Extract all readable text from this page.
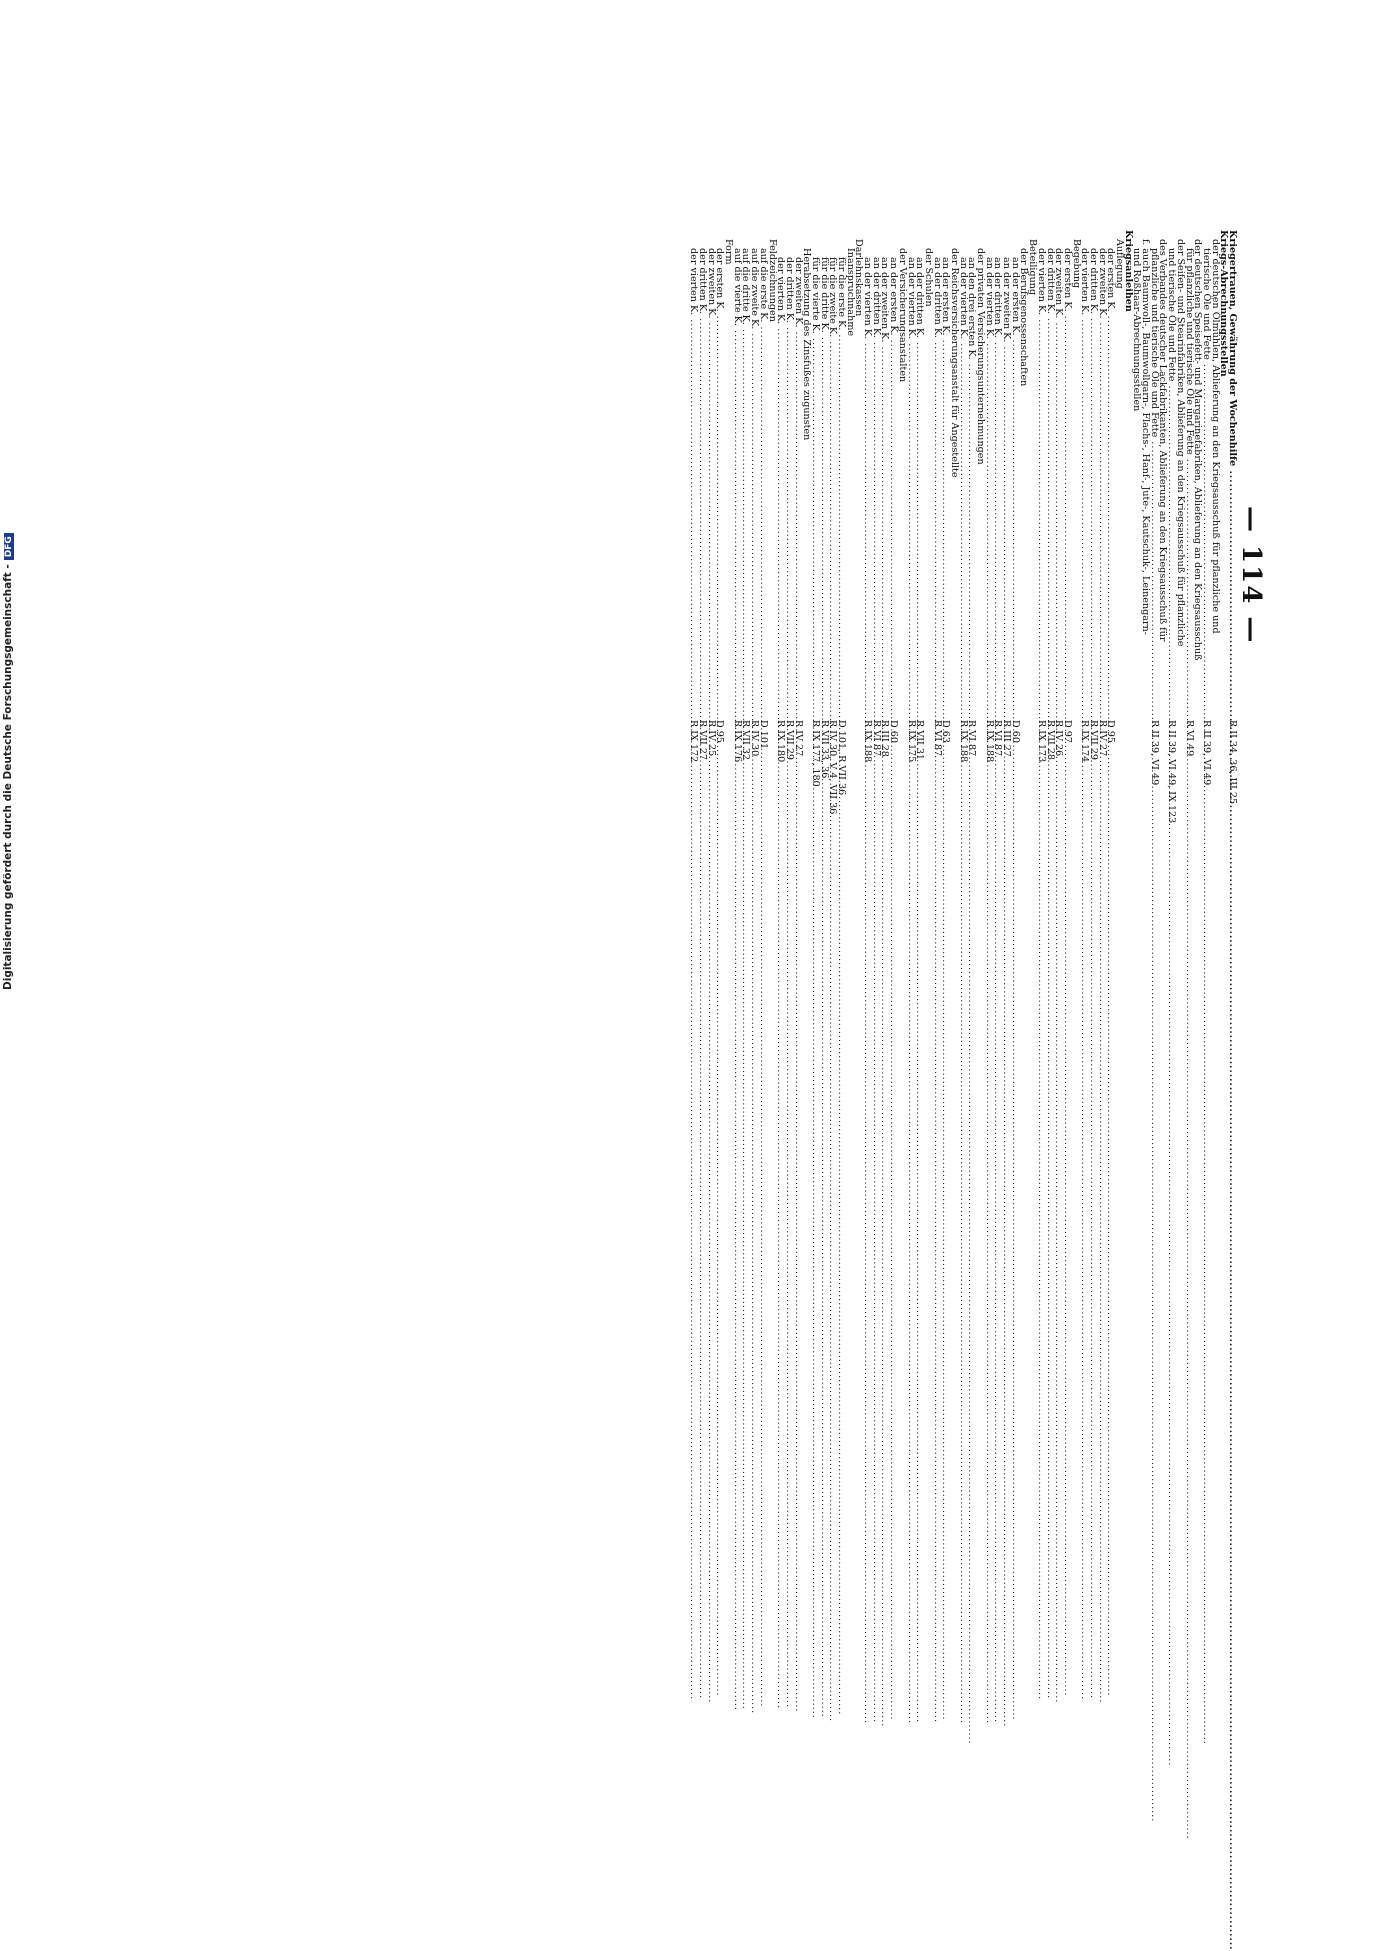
— 114 —
Kriegertrauen, Gewährung der Wochenhilfe .....
R II 34, 36, III 25
Kriegs-Abrechnungsstellen
der deutschen Ölmühlen, Ablieferung an den Kriegsausschuß für pflanzliche und
tierische Öle und Fette .....
R II 39, VI 49
der deutschen Speisefett- und Margarinefabriken, Ablieferung an den Kriegsausschuß
für pflanzliche und tierische Öle und Fette .....
R VI 49
der Seifen- und Stearinfabriken, Ablieferung an den Kriegsausschuß für pflanzliche
und tierische Öle und Fette .....
R II 39, VI 49, IX 123
des Verbandes deutscher Lackfabrikanten, Ablieferung an den Kriegsausschuß für
pflanzliche und tierische Öle und Fette .....
R II 39, VI 49
f. auch Baumwoll-, Baumwollgarn-, Flachs-, Hanf-, Jute-, Kautschuk-, Leinengarn-
und Roßhaar-Abrechnungsstellen
Kriegsanleihen
Auflegung
der ersten K. .....
D 95
der zweiten K. .....
R IV 27
der dritten K. .....
R VII 29
der vierten K. .....
R IX 174
Begebung
der ersten K. .....
D 97
der zweiten K. .....
R IV 26
der dritten K. .....
R VII 28
der vierten K. .....
R IX 173
Beteiligung
der Berufsgenossenschaften
an der ersten K. .....
D 60
an der zweiten K. .....
R III 27
an der dritten K. .....
R VI 87
an der vierten K. .....
R IX 188
der privaten Versicherungsunternehmungen
an den drei ersten K. .....
R VI 87
an der vierten K. .....
R IX 188
der Reichsversicherungsanstalt für Angestellte
an der ersten K. .....
D 63
an der dritten K. .....
R VI 87
der Schulen
an der dritten K. .....
R VII 31
an der vierten K. .....
R IX 175
der Versicherungsanstalten
an der ersten K. .....
D 60
an der zweiten K. .....
R III 28
an der dritten K. .....
R VI 87
an der vierten K. .....
R IX 188
Darlehnskassen
Inanspruchnahme
für die erste K. .....
D 101, R VII 36
für die zweite K. .....
R IV 30, V 4, VII 36
für die dritte K. .....
R VII 33, 36
für die vierte K. .....
R IX 177, 180
Herabsetzung des Zinsfußes zugunsten
der zweiten K. .....
R IV 27
der dritten K. .....
R VII 29
der vierten K. .....
R IX 180
Feldzeichnungen
auf die erste K. .....
D 101
auf die zweite K. .....
R IV 30
auf die dritte K. .....
R VII 32
auf die vierte K. .....
R IX 176
Form
der ersten K. .....
D 95
der zweiten K. .....
R IV 25
der dritten K. .....
R VII 27
der vierten K. .....
R IX 172
Digitalisierung gefördert durch die Deutsche Forschungsgemeinschaft -DFG
